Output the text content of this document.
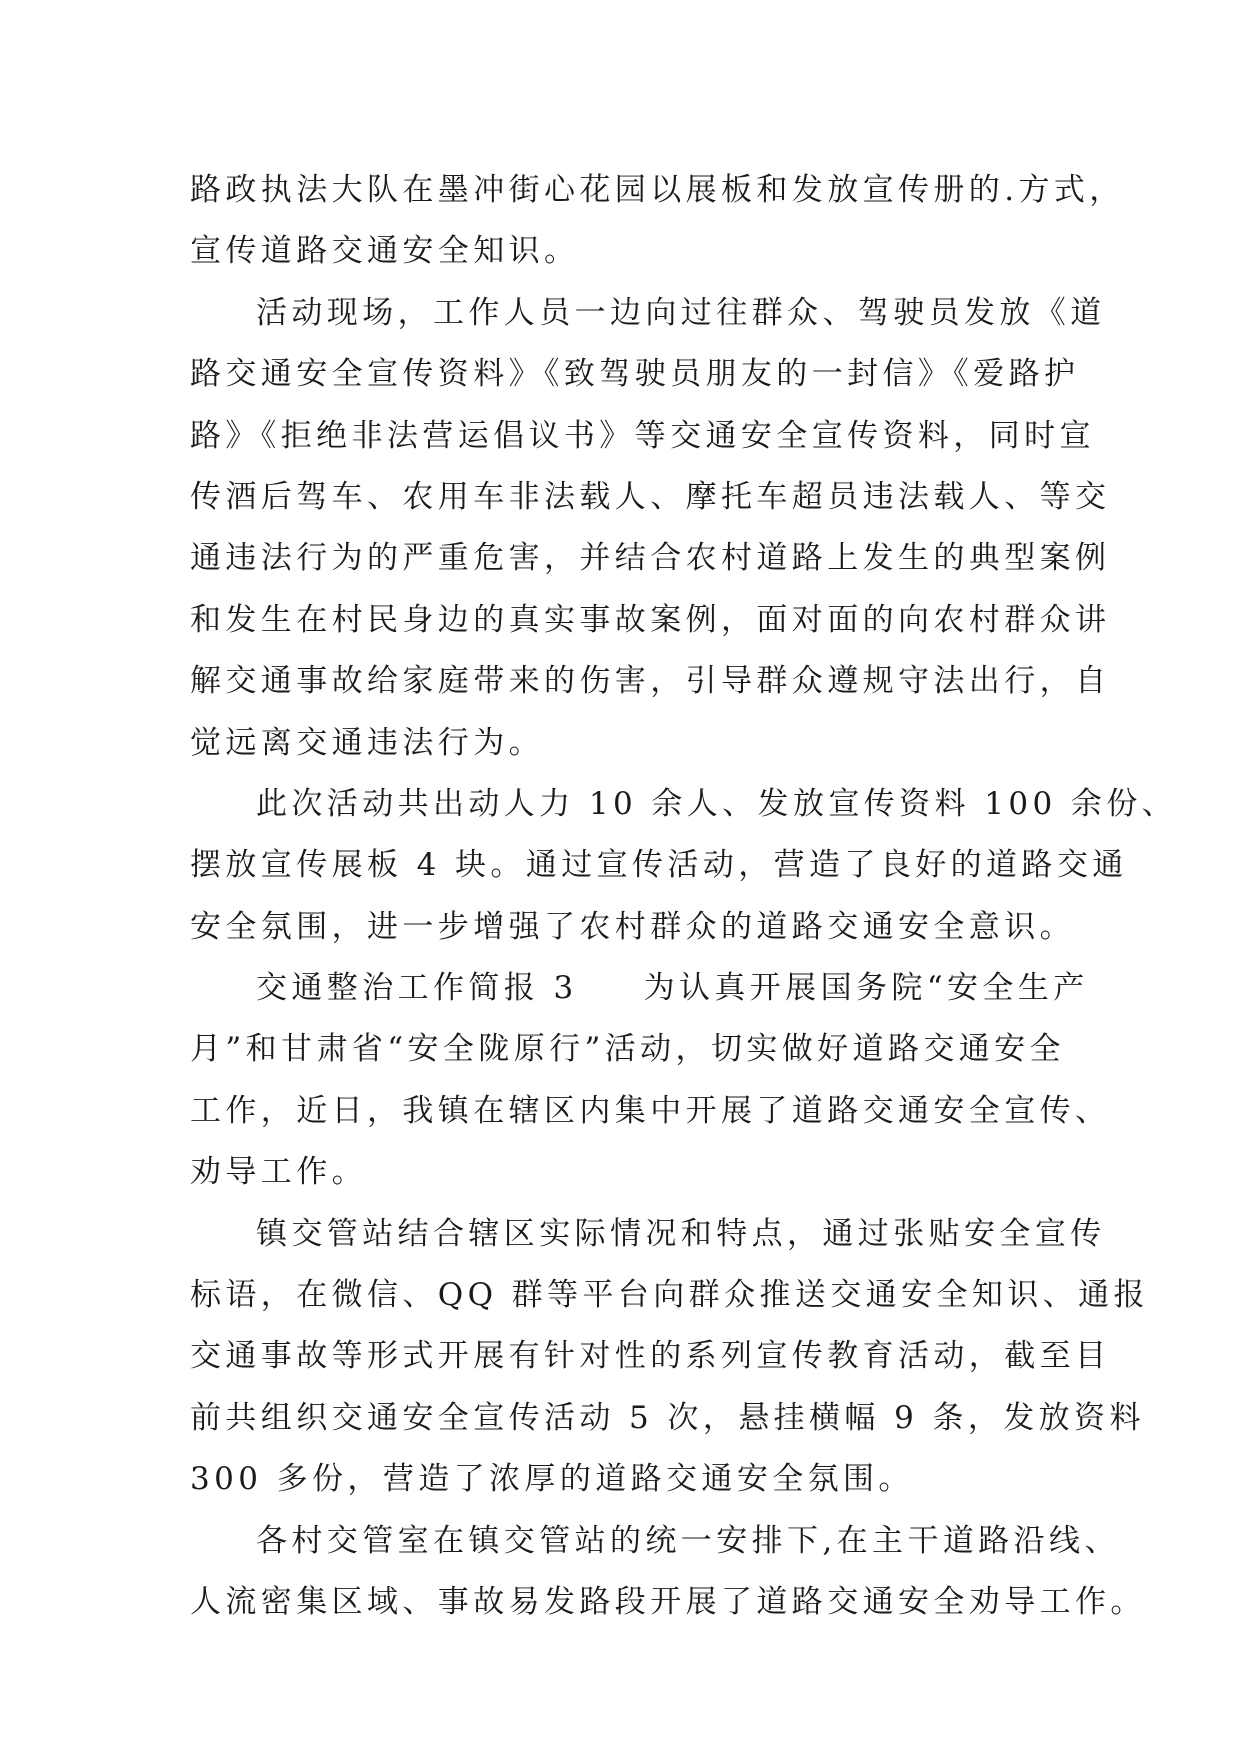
路政执法大队在墨冲街心花园以展板和发放宣传册的.方式，
宣传道路交通安全知识。
活动现场，工作人员一边向过往群众、驾驶员发放《道
路交通安全宣传资料》《致驾驶员朋友的一封信》《爱路护
路》《拒绝非法营运倡议书》等交通安全宣传资料，同时宣
传酒后驾车、农用车非法载人、摩托车超员违法载人、等交
通违法行为的严重危害，并结合农村道路上发生的典型案例
和发生在村民身边的真实事故案例，面对面的向农村群众讲
解交通事故给家庭带来的伤害，引导群众遵规守法出行，自
觉远离交通违法行为。
此次活动共出动人力 10 余人、发放宣传资料 100 余份、
摆放宣传展板 4 块。通过宣传活动，营造了良好的道路交通
安全氛围，进一步增强了农村群众的道路交通安全意识。
交通整治工作简报 3 为认真开展国务院“安全生产
月”和甘肃省“安全陇原行”活动，切实做好道路交通安全
工作，近日，我镇在辖区内集中开展了道路交通安全宣传、
劝导工作。
镇交管站结合辖区实际情况和特点，通过张贴安全宣传
标语，在微信、QQ 群等平台向群众推送交通安全知识、通报
交通事故等形式开展有针对性的系列宣传教育活动，截至目
前共组织交通安全宣传活动 5 次，悬挂横幅 9 条，发放资料
300 多份，营造了浓厚的道路交通安全氛围。
各村交管室在镇交管站的统一安排下,在主干道路沿线、
人流密集区域、事故易发路段开展了道路交通安全劝导工作。
